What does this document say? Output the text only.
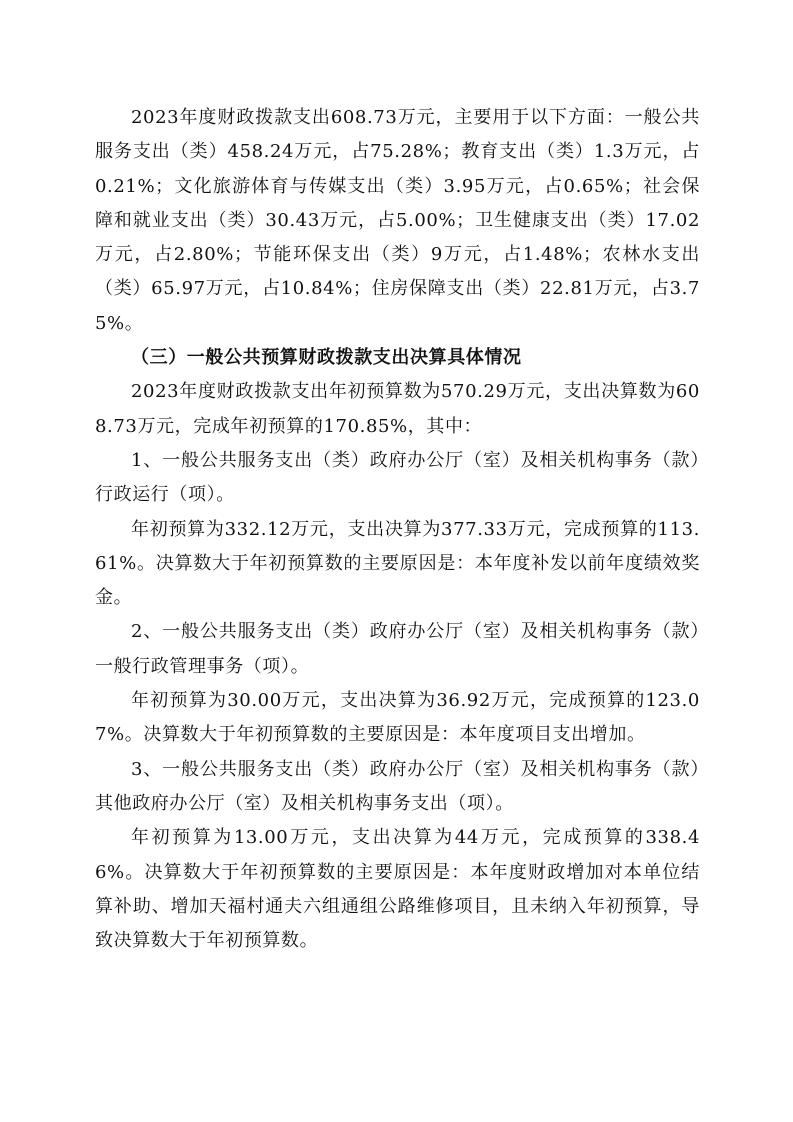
2023年度财政拨款支出608.73万元，主要用于以下方面：一般公共服务支出（类）458.24万元，占75.28%；教育支出（类）1.3万元，占0.21%；文化旅游体育与传媒支出（类）3.95万元，占0.65%；社会保障和就业支出（类）30.43万元，占5.00%；卫生健康支出（类）17.02万元，占2.80%；节能环保支出（类）9万元，占1.48%；农林水支出（类）65.97万元，占10.84%；住房保障支出（类）22.81万元，占3.75%。

（三）一般公共预算财政拨款支出决算具体情况

2023年度财政拨款支出年初预算数为570.29万元，支出决算数为608.73万元，完成年初预算的170.85%，其中：

1、一般公共服务支出（类）政府办公厅（室）及相关机构事务（款）行政运行（项）。

年初预算为332.12万元，支出决算为377.33万元，完成预算的113.61%。决算数大于年初预算数的主要原因是：本年度补发以前年度绩效奖金。

2、一般公共服务支出（类）政府办公厅（室）及相关机构事务（款）一般行政管理事务（项）。

年初预算为30.00万元，支出决算为36.92万元，完成预算的123.07%。决算数大于年初预算数的主要原因是：本年度项目支出增加。

3、一般公共服务支出（类）政府办公厅（室）及相关机构事务（款）其他政府办公厅（室）及相关机构事务支出（项）。

年初预算为13.00万元，支出决算为44万元，完成预算的338.46%。决算数大于年初预算数的主要原因是：本年度财政增加对本单位结算补助、增加天福村通夫六组通组公路维修项目，且未纳入年初预算，导致决算数大于年初预算数。
